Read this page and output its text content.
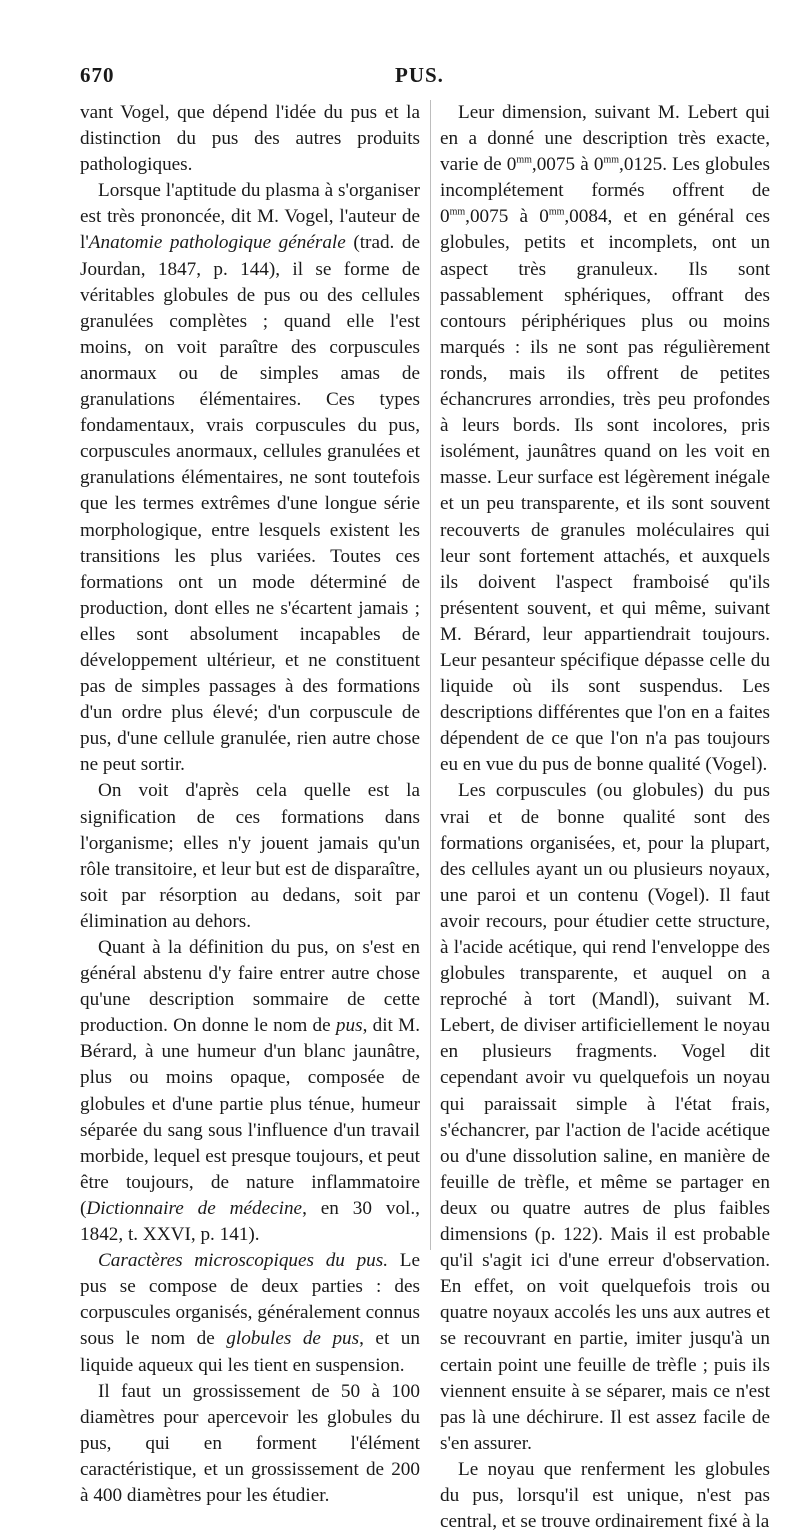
670	PUS.

vant Vogel, que dépend l'idée du pus et la distinction du pus des autres produits pathologiques.

Lorsque l'aptitude du plasma à s'organiser est très prononcée, dit M. Vogel, l'auteur de l'Anatomie pathologique générale (trad. de Jourdan, 1847, p. 144), il se forme de véritables globules de pus ou des cellules granulées complètes ; quand elle l'est moins, on voit paraître des corpuscules anormaux ou de simples amas de granulations élémentaires. Ces types fondamentaux, vrais corpuscules du pus, corpuscules anormaux, cellules granulées et granulations élémentaires, ne sont toutefois que les termes extrêmes d'une longue série morphologique, entre lesquels existent les transitions les plus variées. Toutes ces formations ont un mode déterminé de production, dont elles ne s'écartent jamais ; elles sont absolument incapables de développement ultérieur, et ne constituent pas de simples passages à des formations d'un ordre plus élevé; d'un corpuscule de pus, d'une cellule granulée, rien autre chose ne peut sortir.

On voit d'après cela quelle est la signification de ces formations dans l'organisme; elles n'y jouent jamais qu'un rôle transitoire, et leur but est de disparaître, soit par résorption au dedans, soit par élimination au dehors.

Quant à la définition du pus, on s'est en général abstenu d'y faire entrer autre chose qu'une description sommaire de cette production. On donne le nom de pus, dit M. Bérard, à une humeur d'un blanc jaunâtre, plus ou moins opaque, composée de globules et d'une partie plus ténue, humeur séparée du sang sous l'influence d'un travail morbide, lequel est presque toujours, et peut être toujours, de nature inflammatoire (Dictionnaire de médecine, en 30 vol., 1842, t. XXVI, p. 141).

Caractères microscopiques du pus. Le pus se compose de deux parties : des corpuscules organisés, généralement connus sous le nom de globules de pus, et un liquide aqueux qui les tient en suspension.

Il faut un grossissement de 50 à 100 diamètres pour apercevoir les globules du pus, qui en forment l'élément caractéristique, et un grossissement de 200 à 400 diamètres pour les étudier.

Leur dimension, suivant M. Lebert qui en a donné une description très exacte, varie de $0^{mm},0075$ à $0^{mm},0125$. Les globules incomplétement formés offrent de $0^{mm},0075$ à $0^{mm},0084$, et en général ces globules, petits et incomplets, ont un aspect très granuleux. Ils sont passablement sphériques, offrant des contours périphériques plus ou moins marqués : ils ne sont pas régulièrement ronds, mais ils offrent de petites échancrures arrondies, très peu profondes à leurs bords. Ils sont incolores, pris isolément, jaunâtres quand on les voit en masse. Leur surface est légèrement inégale et un peu transparente, et ils sont souvent recouverts de granules moléculaires qui leur sont fortement attachés, et auxquels ils doivent l'aspect framboisé qu'ils présentent souvent, et qui même, suivant M. Bérard, leur appartiendrait toujours. Leur pesanteur spécifique dépasse celle du liquide où ils sont suspendus. Les descriptions différentes que l'on en a faites dépendent de ce que l'on n'a pas toujours eu en vue du pus de bonne qualité (Vogel).

Les corpuscules (ou globules) du pus vrai et de bonne qualité sont des formations organisées, et, pour la plupart, des cellules ayant un ou plusieurs noyaux, une paroi et un contenu (Vogel). Il faut avoir recours, pour étudier cette structure, à l'acide acétique, qui rend l'enveloppe des globules transparente, et auquel on a reproché à tort (Mandl), suivant M. Lebert, de diviser artificiellement le noyau en plusieurs fragments. Vogel dit cependant avoir vu quelquefois un noyau qui paraissait simple à l'état frais, s'échancrer, par l'action de l'acide acétique ou d'une dissolution saline, en manière de feuille de trèfle, et même se partager en deux ou quatre autres de plus faibles dimensions (p. 122). Mais il est probable qu'il s'agit ici d'une erreur d'observation. En effet, on voit quelquefois trois ou quatre noyaux accolés les uns aux autres et se recouvrant en partie, imiter jusqu'à un certain point une feuille de trèfle ; puis ils viennent ensuite à se séparer, mais ce n'est pas là une déchirure. Il est assez facile de s'en assurer.

Le noyau que renferment les globules du pus, lorsqu'il est unique, n'est pas central, et se trouve ordinairement fixé à la
